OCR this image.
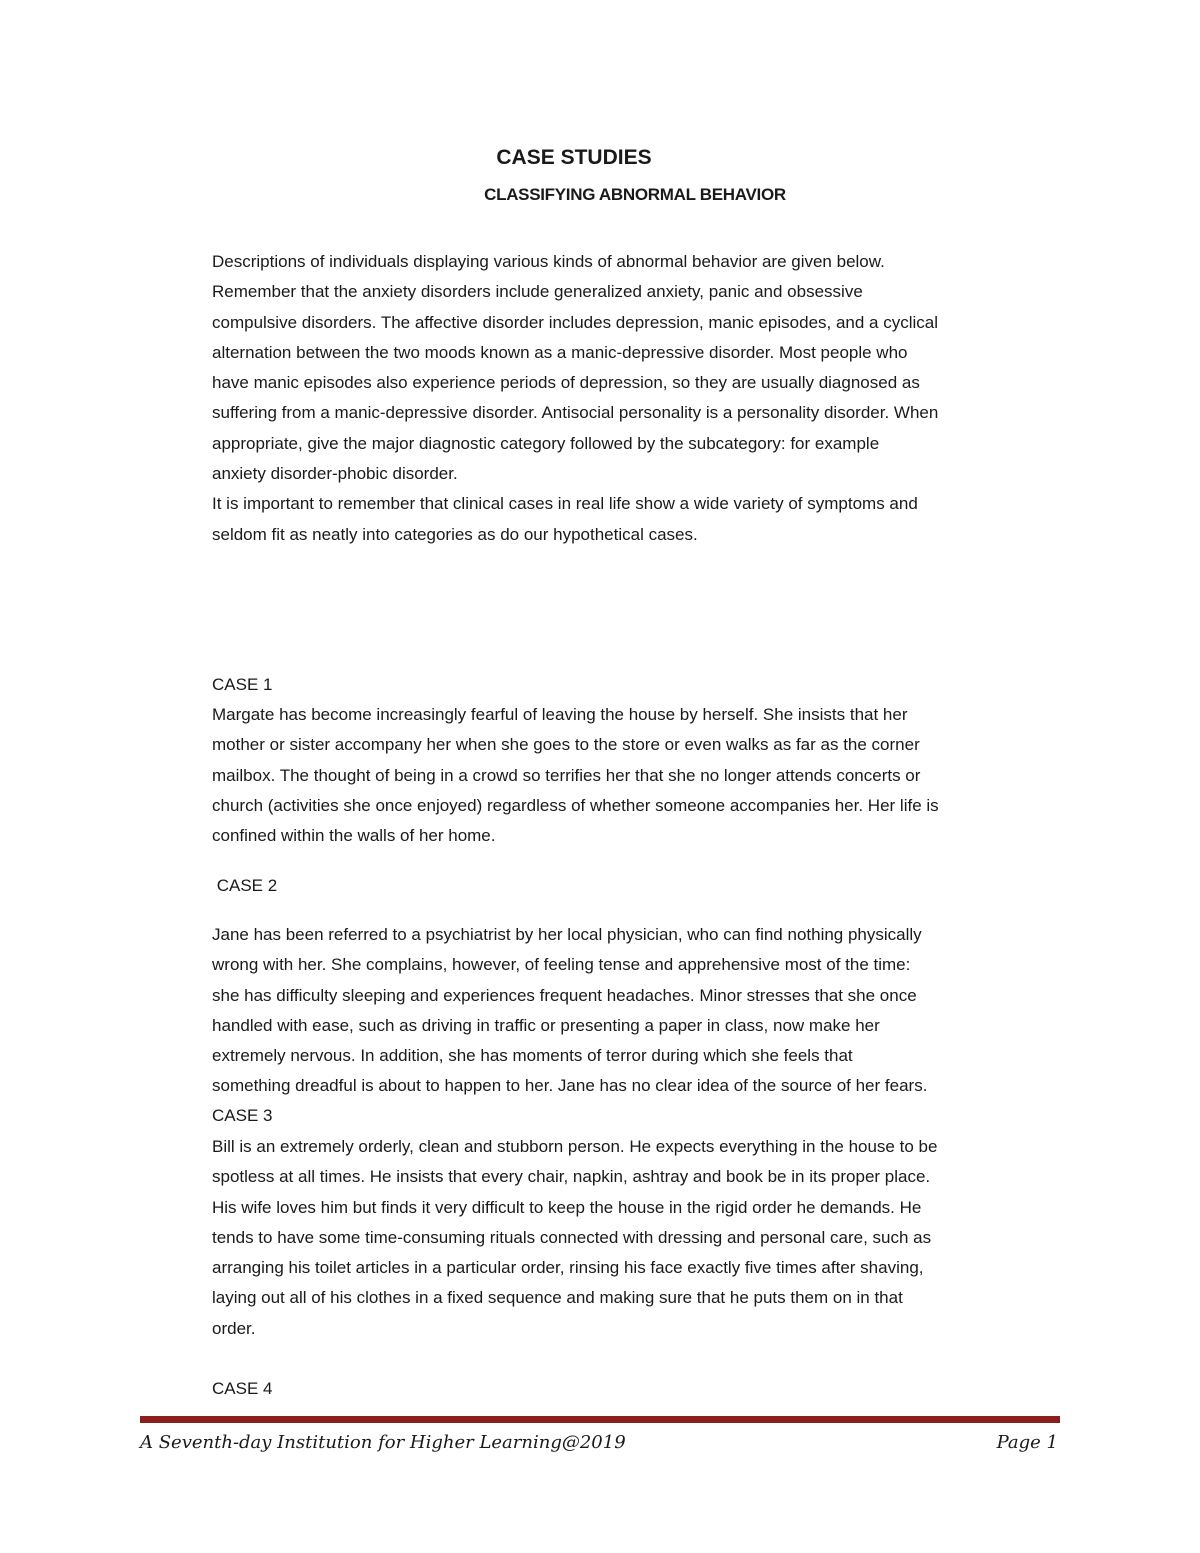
CASE STUDIES
CLASSIFYING ABNORMAL BEHAVIOR
Descriptions of individuals displaying various kinds of abnormal behavior are given below.
Remember that the anxiety disorders include generalized anxiety, panic and obsessive
compulsive disorders. The affective disorder includes depression, manic episodes, and a cyclical
alternation between the two moods known as a manic-depressive disorder. Most people who
have manic episodes also experience periods of depression, so they are usually diagnosed as
suffering from a manic-depressive disorder. Antisocial personality is a personality disorder. When
appropriate, give the major diagnostic category followed by the subcategory: for example
anxiety disorder-phobic disorder.
It is important to remember that clinical cases in real life show a wide variety of symptoms and
seldom fit as neatly into categories as do our hypothetical cases.
CASE 1
Margate has become increasingly fearful of leaving the house by herself. She insists that her
mother or sister accompany her when she goes to the store or even walks as far as the corner
mailbox. The thought of being in a crowd so terrifies her that she no longer attends concerts or
church (activities she once enjoyed) regardless of whether someone accompanies her. Her life is
confined within the walls of her home.
CASE 2
Jane has been referred to a psychiatrist by her local physician, who can find nothing physically
wrong with her. She complains, however, of feeling tense and apprehensive most of the time:
she has difficulty sleeping and experiences frequent headaches. Minor stresses that she once
handled with ease, such as driving in traffic or presenting a paper in class, now make her
extremely nervous. In addition, she has moments of terror during which she feels that
something dreadful is about to happen to her. Jane has no clear idea of the source of her fears.
CASE 3
Bill is an extremely orderly, clean and stubborn person. He expects everything in the house to be
spotless at all times. He insists that every chair, napkin, ashtray and book be in its proper place.
His wife loves him but finds it very difficult to keep the house in the rigid order he demands. He
tends to have some time-consuming rituals connected with dressing and personal care, such as
arranging his toilet articles in a particular order, rinsing his face exactly five times after shaving,
laying out all of his clothes in a fixed sequence and making sure that he puts them on in that
order.
CASE 4
A Seventh-day Institution for Higher Learning@2019	Page 1
